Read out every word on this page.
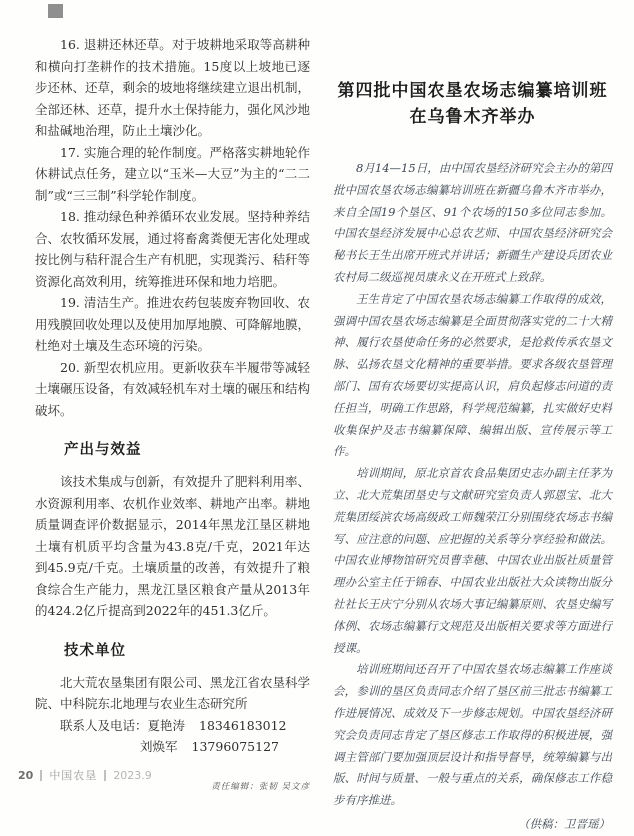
16. 退耕还林还草。对于坡耕地采取等高耕种和横向打垄耕作的技术措施。15度以上坡地已逐步还林、还草，剩余的坡地将继续建立退出机制，全部还林、还草，提升水土保持能力，强化风沙地和盐碱地治理，防止土壤沙化。

17. 实施合理的轮作制度。严格落实耕地轮作休耕试点任务，建立以“玉米—大豆”为主的“二二制”或“三三制”科学轮作制度。

18. 推动绿色种养循环农业发展。坚持种养结合、农牧循环发展，通过将畜禽粪便无害化处理或按比例与秸秆混合生产有机肥，实现粪污、秸秆等资源化高效利用，统筹推进环保和地力培肥。

19. 清洁生产。推进农药包装废弃物回收、农用残膜回收处理以及使用加厚地膜、可降解地膜，杜绝对土壤及生态环境的污染。

20. 新型农机应用。更新收获车半履带等减轻土壤碾压设备，有效减轻机车对土壤的碾压和结构破坏。

产出与效益

该技术集成与创新，有效提升了肥料利用率、水资源利用率、农机作业效率、耕地产出率。耕地质量调查评价数据显示，2014年黑龙江垦区耕地土壤有机质平均含量为43.8克/千克，2021年达到45.9克/千克。土壤质量的改善，有效提升了粮食综合生产能力，黑龙江垦区粮食产量从2013年的424.2亿斤提高到2022年的451.3亿斤。

技术单位

北大荒农垦集团有限公司、黑龙江省农垦科学院、中科院东北地理与农业生态研究所

联系人及电话：夏艳涛 18346183012

刘焕军 13796075127

责任编辑：张韧 吴文彦
第四批中国农垦农场志编纂培训班
在乌鲁木齐举办

8月14—15日，由中国农垦经济研究会主办的第四批中国农垦农场志编纂培训班在新疆乌鲁木齐市举办，来自全国19个垦区、91个农场的150多位同志参加。中国农垦经济发展中心总农艺师、中国农垦经济研究会秘书长王生出席开班式并讲话；新疆生产建设兵团农业农村局二级巡视员康永义在开班式上致辞。

王生肯定了中国农垦农场志编纂工作取得的成效，强调中国农垦农场志编纂是全面贯彻落实党的二十大精神、履行农垦使命任务的必然要求，是抢救传承农垦文脉、弘扬农垦文化精神的重要举措。要求各级农垦管理部门、国有农场要切实提高认识，肩负起修志问道的责任担当，明确工作思路，科学规范编纂，扎实做好史料收集保护及志书编纂保障、编辑出版、宣传展示等工作。

培训期间，原北京首农食品集团史志办副主任茅为立、北大荒集团垦史与文献研究室负责人郭恩宝、北大荒集团绥滨农场高级政工师魏荣江分别围绕农场志书编写、应注意的问题、应把握的关系等分享经验和做法。中国农业博物馆研究员曹幸穗、中国农业出版社质量管理办公室主任于锦春、中国农业出版社大众读物出版分社社长王庆宁分别从农场大事记编纂原则、农垦史编写体例、农场志编纂行文规范及出版相关要求等方面进行授课。

培训班期间还召开了中国农垦农场志编纂工作座谈会，参训的垦区负责同志介绍了垦区前三批志书编纂工作进展情况、成效及下一步修志规划。中国农垦经济研究会负责同志肯定了垦区修志工作取得的积极进展，强调主管部门要加强顶层设计和指导督导，统筹编纂与出版、时间与质量、一般与重点的关系，确保修志工作稳步有序推进。

（供稿：卫晋瑶）
20 中国农垦 2023.9
